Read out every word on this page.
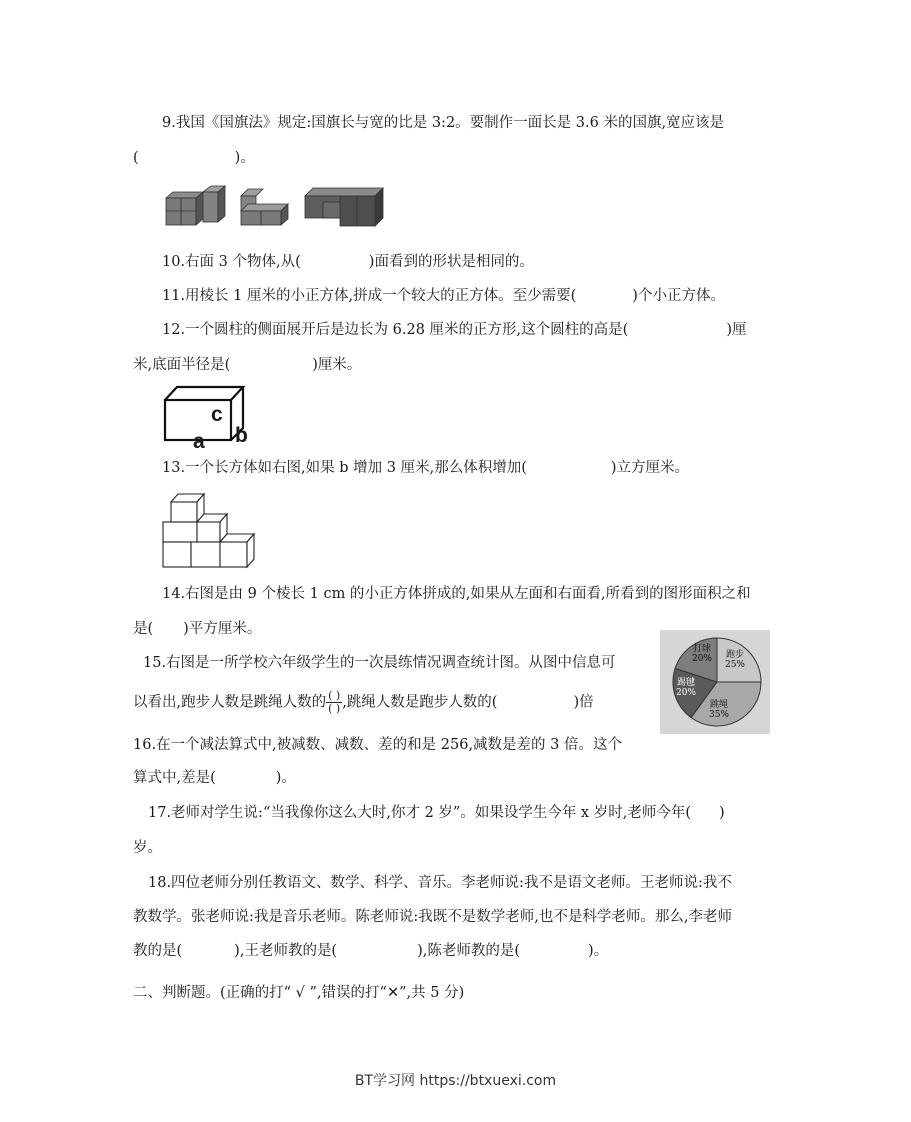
9.我国《国旗法》规定:国旗长与宽的比是 3:2。要制作一面长是 3.6 米的国旗,宽应该是
(	)。
10.右面 3 个物体,从(	)面看到的形状是相同的。
11.用棱长 1 厘米的小正方体,拼成一个较大的正方体。至少需要(	)个小正方体。
12.一个圆柱的侧面展开后是边长为 6.28 厘米的正方形,这个圆柱的高是(	)厘
米,底面半径是(	)厘米。
c
a b
13.一个长方体如右图,如果 b 增加 3 厘米,那么体积增加(	)立方厘米。
14.右图是由 9 个棱长 1 cm 的小正方体拼成的,如果从左面和右面看,所看到的图形面积之和
是( )平方厘米。
打球
20%	跑步
25%
踢毽
20%
跳绳
35%
15.右图是一所学校六年级学生的一次晨练情况调查统计图。从图中信息可
以看出,跑步人数是跳绳人数的 $\frac{( )}{( )}$ ,跳绳人数是跑步人数的(	)倍
16.在一个减法算式中,被减数、减数、差的和是 256,减数是差的 3 倍。这个
算式中,差是(	)。
17.老师对学生说:“当我像你这么大时,你才 2 岁”。如果设学生今年 x 岁时,老师今年( )
岁。
18.四位老师分别任教语文、数学、科学、音乐。李老师说:我不是语文老师。王老师说:我不
教数学。张老师说:我是音乐老师。陈老师说:我既不是数学老师,也不是科学老师。那么,李老师
教的是(	),王老师教的是(	),陈老师教的是(	)。
二、判断题。(正确的打“ √ ”,错误的打“✕”,共 5 分)
BT学习网 https://btxuexi.com
